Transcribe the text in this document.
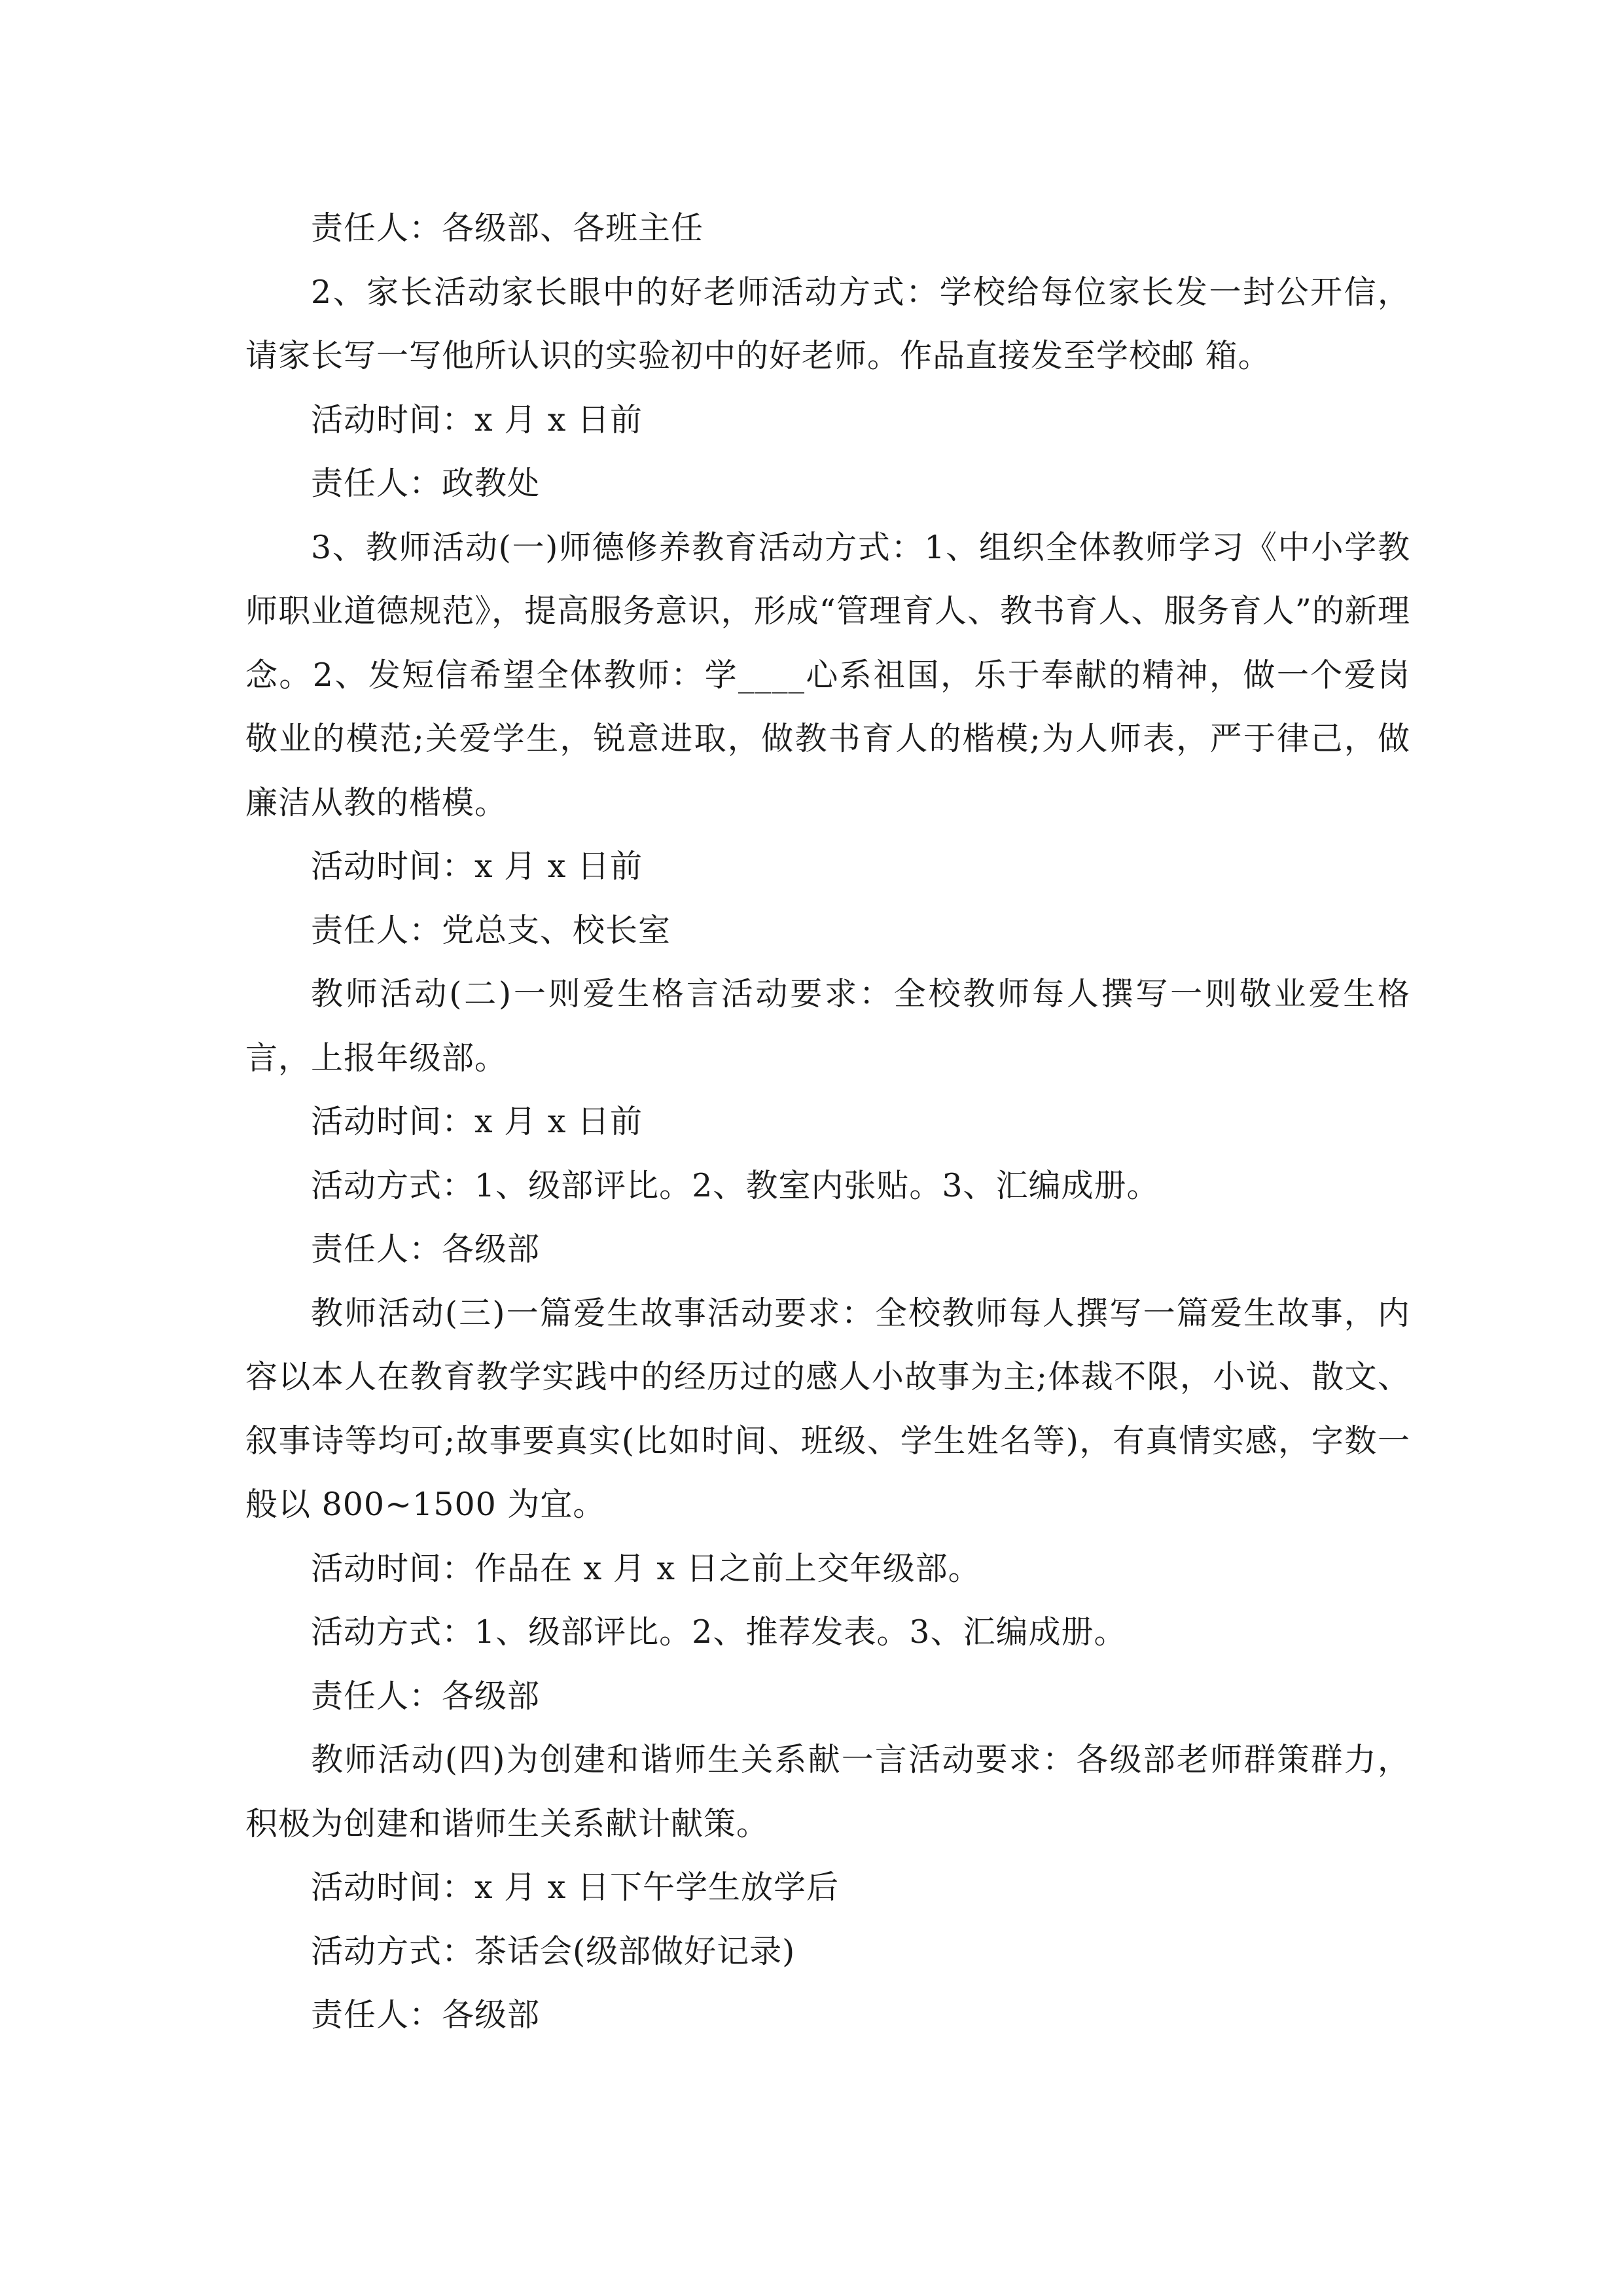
责任人：各级部、各班主任

2、家长活动家长眼中的好老师活动方式：学校给每位家长发一封公开信，请家长写一写他所认识的实验初中的好老师。作品直接发至学校邮 箱。

活动时间：x 月 x 日前

责任人：政教处

3、教师活动(一)师德修养教育活动方式：1、组织全体教师学习《中小学教师职业道德规范》，提高服务意识，形成“管理育人、教书育人、服务育人”的新理念。2、发短信希望全体教师：学____心系祖国，乐于奉献的精神，做一个爱岗敬业的模范;关爱学生，锐意进取，做教书育人的楷模;为人师表，严于律己，做廉洁从教的楷模。

活动时间：x 月 x 日前

责任人：党总支、校长室

教师活动(二)一则爱生格言活动要求：全校教师每人撰写一则敬业爱生格言，上报年级部。

活动时间：x 月 x 日前

活动方式：1、级部评比。2、教室内张贴。3、汇编成册。

责任人：各级部

教师活动(三)一篇爱生故事活动要求：全校教师每人撰写一篇爱生故事，内容以本人在教育教学实践中的经历过的感人小故事为主;体裁不限，小说、散文、叙事诗等均可;故事要真实(比如时间、班级、学生姓名等)，有真情实感，字数一般以 800~1500 为宜。

活动时间：作品在 x 月 x 日之前上交年级部。

活动方式：1、级部评比。2、推荐发表。3、汇编成册。

责任人：各级部

教师活动(四)为创建和谐师生关系献一言活动要求：各级部老师群策群力，积极为创建和谐师生关系献计献策。

活动时间：x 月 x 日下午学生放学后

活动方式：茶话会(级部做好记录)

责任人：各级部
